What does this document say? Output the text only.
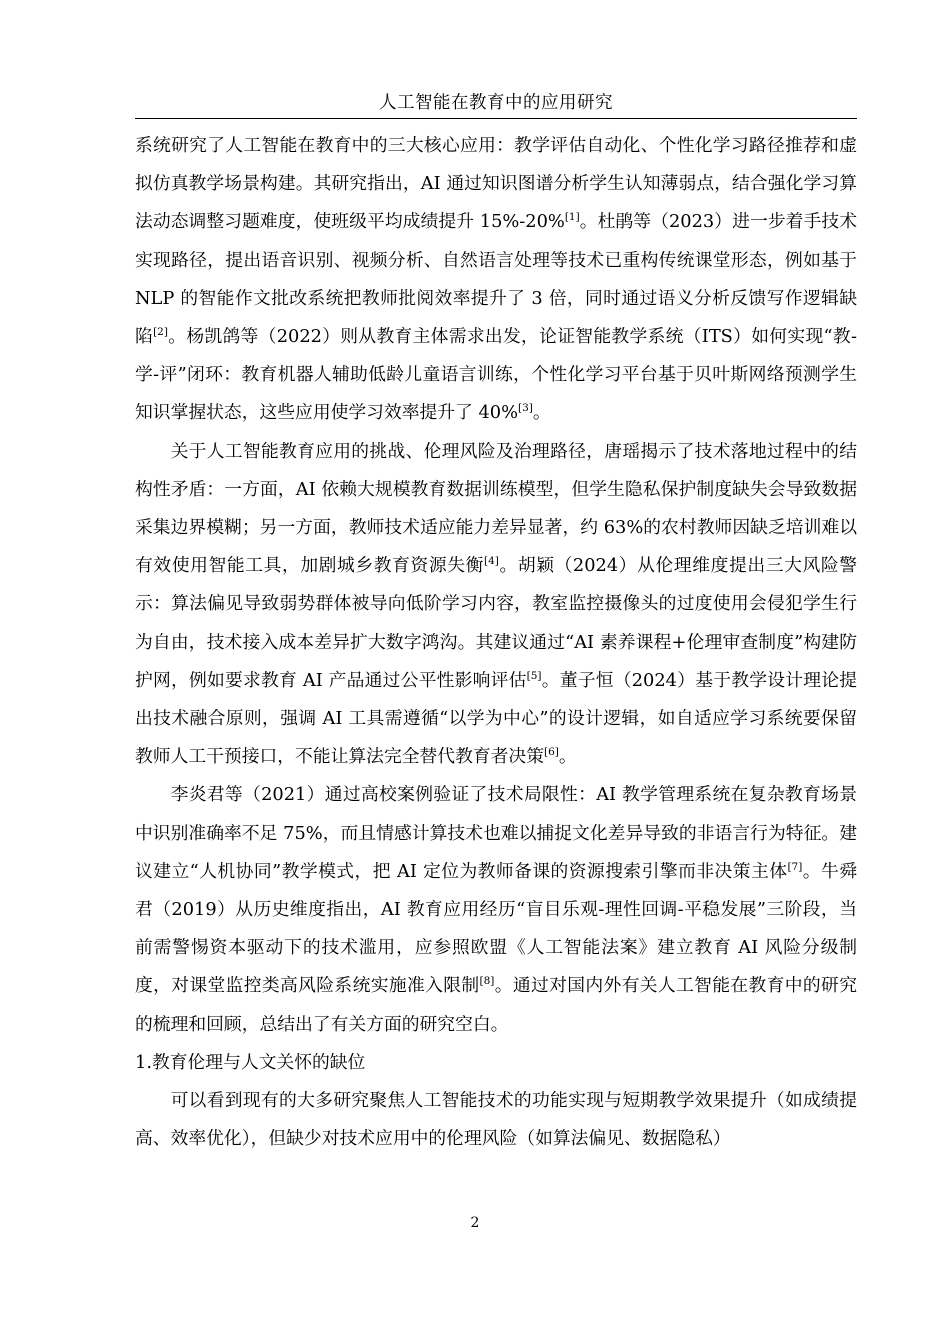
人工智能在教育中的应用研究

系统研究了人工智能在教育中的三大核心应用：教学评估自动化、个性化学习路径推荐和虚拟仿真教学场景构建。其研究指出，AI 通过知识图谱分析学生认知薄弱点，结合强化学习算法动态调整习题难度，使班级平均成绩提升 15%-20%[1]。杜鹃等（2023）进一步着手技术实现路径，提出语音识别、视频分析、自然语言处理等技术已重构传统课堂形态，例如基于 NLP 的智能作文批改系统把教师批阅效率提升了 3 倍，同时通过语义分析反馈写作逻辑缺陷[2]。杨凯鸽等（2022）则从教育主体需求出发，论证智能教学系统（ITS）如何实现“教-学-评”闭环：教育机器人辅助低龄儿童语言训练，个性化学习平台基于贝叶斯网络预测学生知识掌握状态，这些应用使学习效率提升了 40%[3]。

关于人工智能教育应用的挑战、伦理风险及治理路径，唐瑶揭示了技术落地过程中的结构性矛盾：一方面，AI 依赖大规模教育数据训练模型，但学生隐私保护制度缺失会导致数据采集边界模糊；另一方面，教师技术适应能力差异显著，约 63%的农村教师因缺乏培训难以有效使用智能工具，加剧城乡教育资源失衡[4]。胡颖（2024）从伦理维度提出三大风险警示：算法偏见导致弱势群体被导向低阶学习内容，教室监控摄像头的过度使用会侵犯学生行为自由，技术接入成本差异扩大数字鸿沟。其建议通过“AI 素养课程+伦理审查制度”构建防护网，例如要求教育 AI 产品通过公平性影响评估[5]。董子恒（2024）基于教学设计理论提出技术融合原则，强调 AI 工具需遵循“以学为中心”的设计逻辑，如自适应学习系统要保留教师人工干预接口，不能让算法完全替代教育者决策[6]。

李炎君等（2021）通过高校案例验证了技术局限性：AI 教学管理系统在复杂教育场景中识别准确率不足 75%，而且情感计算技术也难以捕捉文化差异导致的非语言行为特征。建议建立“人机协同”教学模式，把 AI 定位为教师备课的资源搜索引擎而非决策主体[7]。牛舜君（2019）从历史维度指出，AI 教育应用经历“盲目乐观-理性回调-平稳发展”三阶段，当前需警惕资本驱动下的技术滥用，应参照欧盟《人工智能法案》建立教育 AI 风险分级制度，对课堂监控类高风险系统实施准入限制[8]。通过对国内外有关人工智能在教育中的研究的梳理和回顾，总结出了有关方面的研究空白。

1.教育伦理与人文关怀的缺位

可以看到现有的大多研究聚焦人工智能技术的功能实现与短期教学效果提升（如成绩提高、效率优化），但缺少对技术应用中的伦理风险（如算法偏见、数据隐私）

2
